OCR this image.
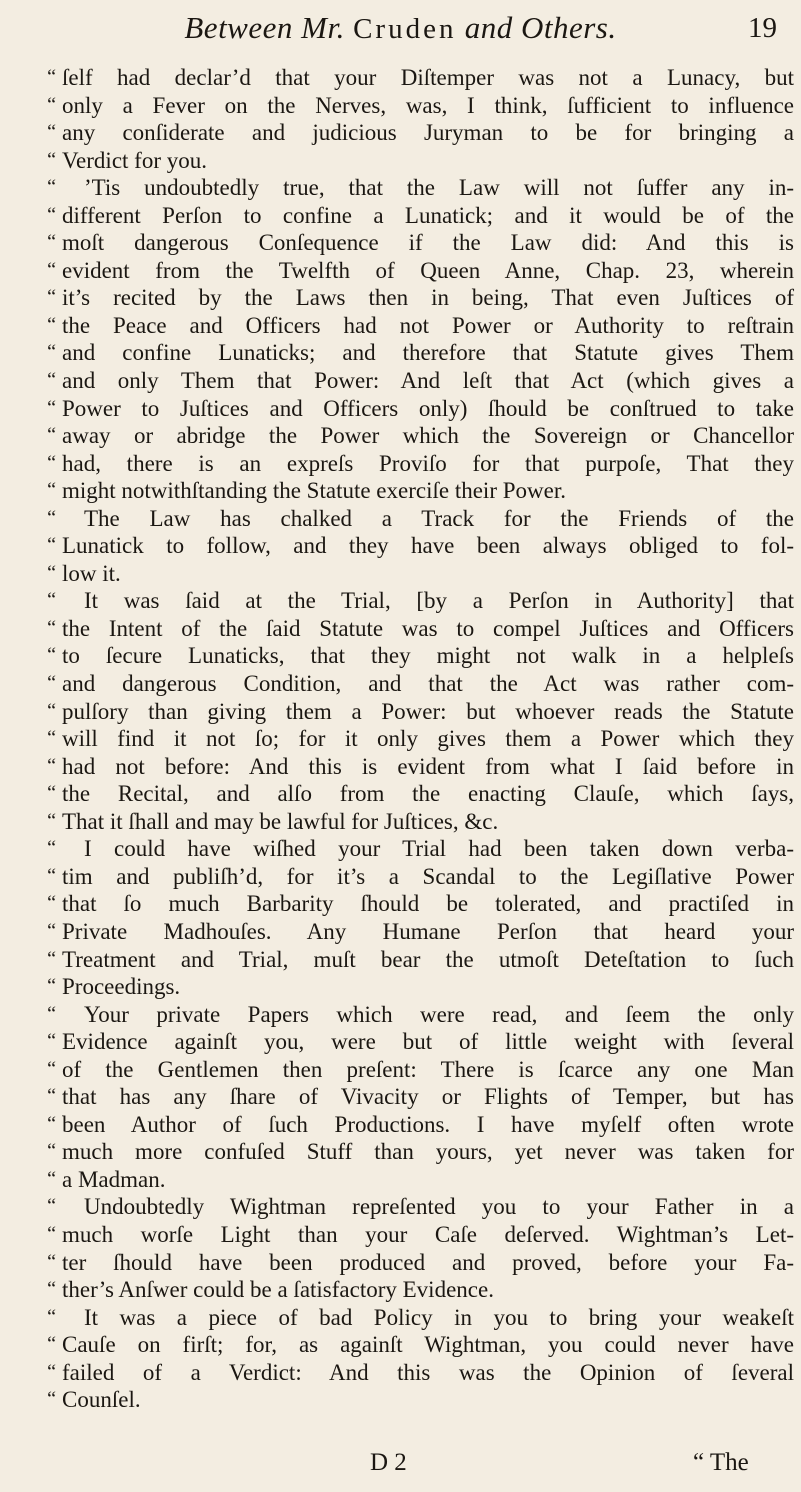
Between Mr. Cruden and Others.	19
“ ſelf had declar’d that your Diſtemper was not a Lunacy, but
“ only a Fever on the Nerves, was, I think, ſufficient to influence
“ any conſiderate and judicious Juryman to be for bringing a
“ Verdict for you.
“	’Tis undoubtedly true, that the Law will not ſuffer any in-
“ different Perſon to confine a Lunatick; and it would be of the
“ moſt dangerous Conſequence if the Law did: And this is
“ evident from the Twelfth of Queen Anne, Chap. 23, wherein
“ it’s recited by the Laws then in being, That even Juſtices of
“ the Peace and Officers had not Power or Authority to reſtrain
“ and confine Lunaticks; and therefore that Statute gives Them
“ and only Them that Power: And leſt that Act (which gives a
“ Power to Juſtices and Officers only) ſhould be conſtrued to take
“ away or abridge the Power which the Sovereign or Chancellor
“ had, there is an expreſs Proviſo for that purpoſe, That they
“ might notwithſtanding the Statute exerciſe their Power.
“	The Law has chalked a Track for the Friends of the
“ Lunatick to follow, and they have been always obliged to fol-
“ low it.
“	It was ſaid at the Trial, [by a Perſon in Authority] that
“ the Intent of the ſaid Statute was to compel Juſtices and Officers
“ to ſecure Lunaticks, that they might not walk in a helpleſs
“ and dangerous Condition, and that the Act was rather com-
“ pulſory than giving them a Power: but whoever reads the Statute
“ will find it not ſo; for it only gives them a Power which they
“ had not before: And this is evident from what I ſaid before in
“ the Recital, and alſo from the enacting Clauſe, which ſays,
“ That it ſhall and may be lawful for Juſtices, &c.
“	I could have wiſhed your Trial had been taken down verba-
“ tim and publiſh’d, for it’s a Scandal to the Legiſlative Power
“ that ſo much Barbarity ſhould be tolerated, and practiſed in
“ Private Madhouſes. Any Humane Perſon that heard your
“ Treatment and Trial, muſt bear the utmoſt Deteſtation to ſuch
“ Proceedings.
“	Your private Papers which were read, and ſeem the only
“ Evidence againſt you, were but of little weight with ſeveral
“ of the Gentlemen then preſent: There is ſcarce any one Man
“ that has any ſhare of Vivacity or Flights of Temper, but has
“ been Author of ſuch Productions. I have myſelf often wrote
“ much more confuſed Stuff than yours, yet never was taken for
“ a Madman.
“	Undoubtedly Wightman repreſented you to your Father in a
“ much worſe Light than your Caſe deſerved. Wightman’s Let-
“ ter ſhould have been produced and proved, before your Fa-
“ ther’s Anſwer could be a ſatisfactory Evidence.
“	It was a piece of bad Policy in you to bring your weakeſt
“ Cauſe on firſt; for, as againſt Wightman, you could never have
“ failed of a Verdict: And this was the Opinion of ſeveral
“ Counſel.
D 2	“ The
